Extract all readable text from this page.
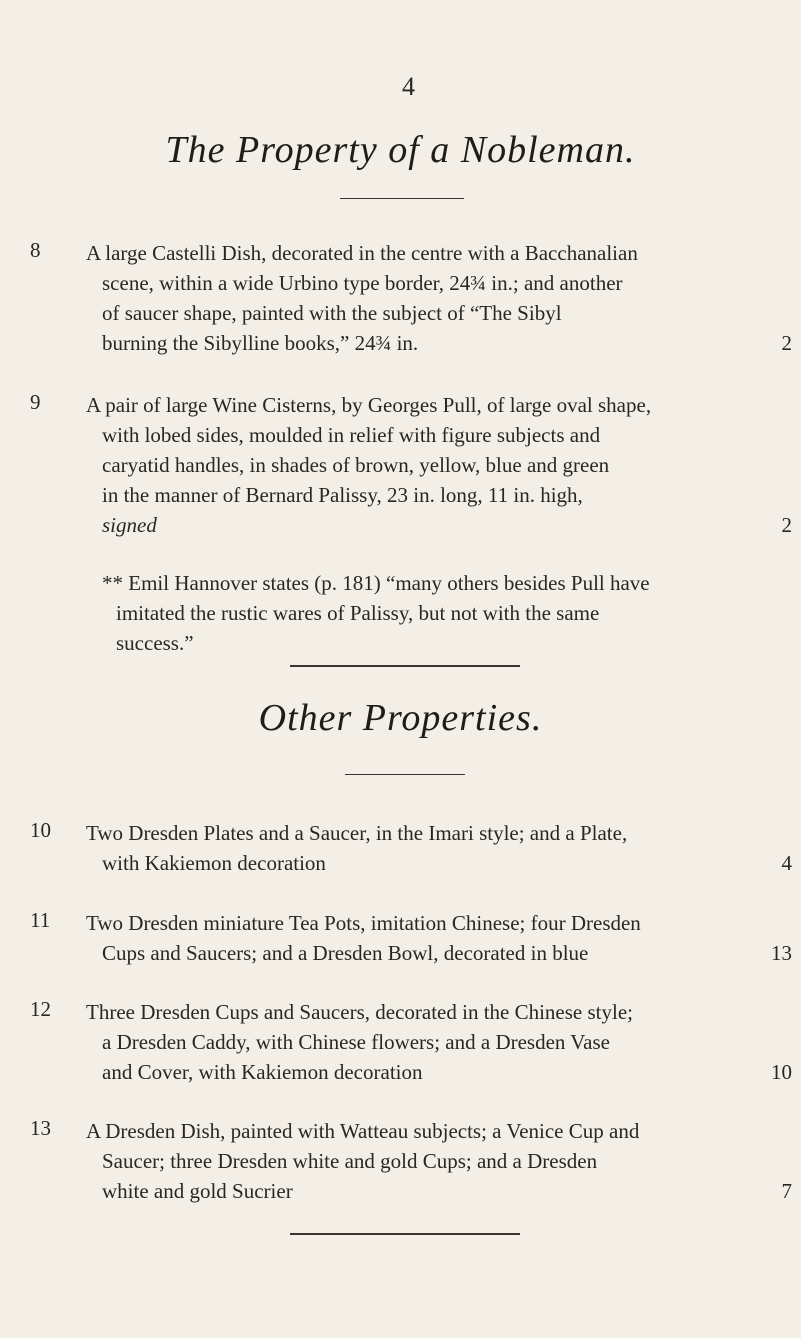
4
The Property of a Nobleman.
8	A large Castelli Dish, decorated in the centre with a Bacchanalian
scene, within a wide Urbino type border, 24¾ in.; and another
of saucer shape, painted with the subject of “The Sibyl
burning the Sibylline books,” 24¾ in.	2
9	A pair of large Wine Cisterns, by Georges Pull, of large oval shape,
with lobed sides, moulded in relief with figure subjects and
caryatid handles, in shades of brown, yellow, blue and green
in the manner of Bernard Palissy, 23 in. long, 11 in. high,
signed	2
** Emil Hannover states (p. 181) “many others besides Pull have
imitated the rustic wares of Palissy, but not with the same
success.”
Other Properties.
10	Two Dresden Plates and a Saucer, in the Imari style; and a Plate,
with Kakiemon decoration	4
11	Two Dresden miniature Tea Pots, imitation Chinese; four Dresden
Cups and Saucers; and a Dresden Bowl, decorated in blue	13
12	Three Dresden Cups and Saucers, decorated in the Chinese style;
a Dresden Caddy, with Chinese flowers; and a Dresden Vase
and Cover, with Kakiemon decoration	10
13	A Dresden Dish, painted with Watteau subjects; a Venice Cup and
Saucer; three Dresden white and gold Cups; and a Dresden
white and gold Sucrier	7
